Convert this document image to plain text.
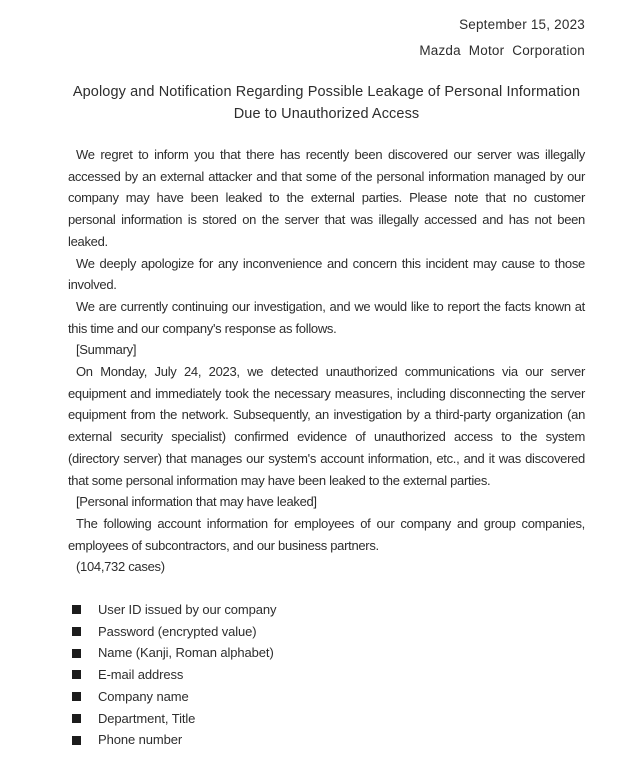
September 15, 2023
Mazda Motor Corporation
Apology and Notification Regarding Possible Leakage of Personal Information
Due to Unauthorized Access

We regret to inform you that there has recently been discovered our server was illegally accessed by an external attacker and that some of the personal information managed by our company may have been leaked to the external parties. Please note that no customer personal information is stored on the server that was illegally accessed and has not been leaked.

We deeply apologize for any inconvenience and concern this incident may cause to those involved.

We are currently continuing our investigation, and we would like to report the facts known at this time and our company's response as follows.

[Summary]

On Monday, July 24, 2023, we detected unauthorized communications via our server equipment and immediately took the necessary measures, including disconnecting the server equipment from the network. Subsequently, an investigation by a third-party organization (an external security specialist) confirmed evidence of unauthorized access to the system (directory server) that manages our system's account information, etc., and it was discovered that some personal information may have been leaked to the external parties.

[Personal information that may have leaked]

The following account information for employees of our company and group companies, employees of subcontractors, and our business partners.

(104,732 cases)

User ID issued by our company
Password (encrypted value)
Name (Kanji, Roman alphabet)
E-mail address
Company name
Department, Title
Phone number
